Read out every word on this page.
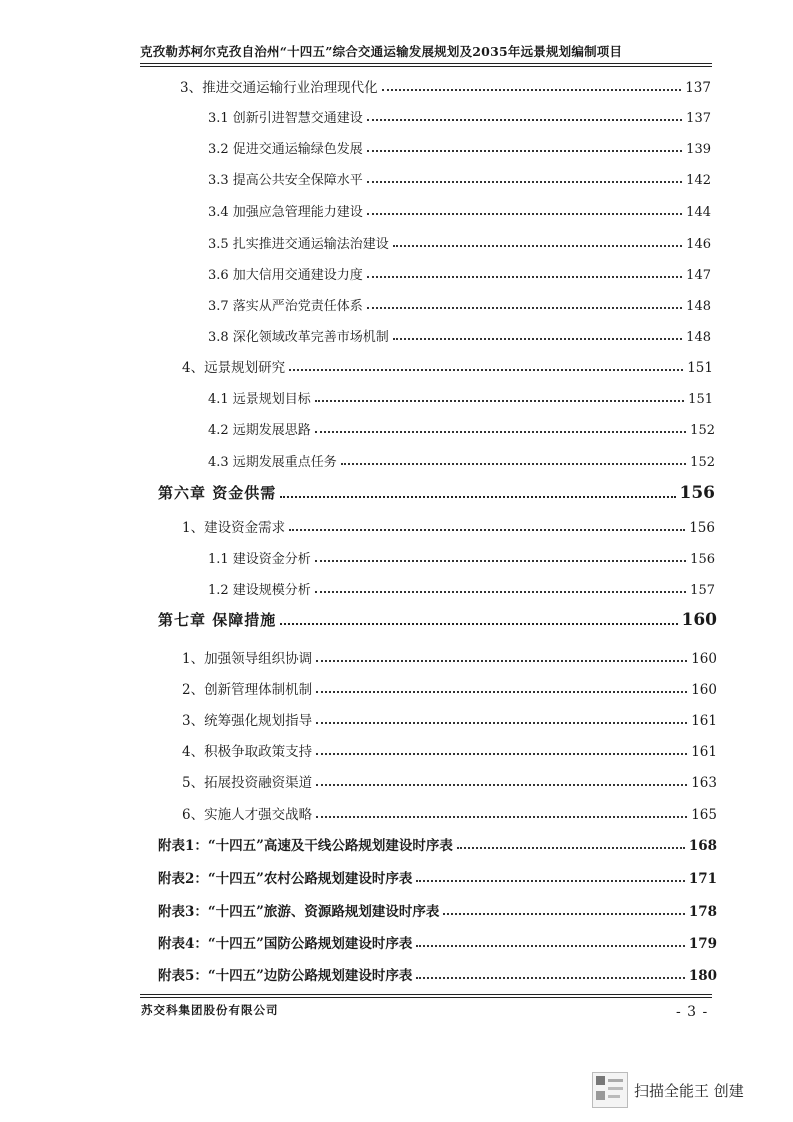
克孜勒苏柯尔克孜自治州“十四五”综合交通运输发展规划及2035年远景规划编制项目
3、推进交通运输行业治理现代化	137
3.1 创新引进智慧交通建设	137
3.2 促进交通运输绿色发展	139
3.3 提高公共安全保障水平	142
3.4 加强应急管理能力建设	144
3.5 扎实推进交通运输法治建设	146
3.6 加大信用交通建设力度	147
3.7 落实从严治党责任体系	148
3.8 深化领域改革完善市场机制	148
4、远景规划研究	151
4.1 远景规划目标	151
4.2 远期发展思路	152
4.3 远期发展重点任务	152
第六章 资金供需	156
1、建设资金需求	156
1.1 建设资金分析	156
1.2 建设规模分析	157
第七章 保障措施	160
1、加强领导组织协调	160
2、创新管理体制机制	160
3、统筹强化规划指导	161
4、积极争取政策支持	161
5、拓展投资融资渠道	163
6、实施人才强交战略	165
附表1：“十四五”高速及干线公路规划建设时序表	168
附表2：“十四五”农村公路规划建设时序表	171
附表3：“十四五”旅游、资源路规划建设时序表	178
附表4：“十四五”国防公路规划建设时序表	179
附表5：“十四五”边防公路规划建设时序表	180
苏交科集团股份有限公司	- 3 -
扫描全能王 创建
